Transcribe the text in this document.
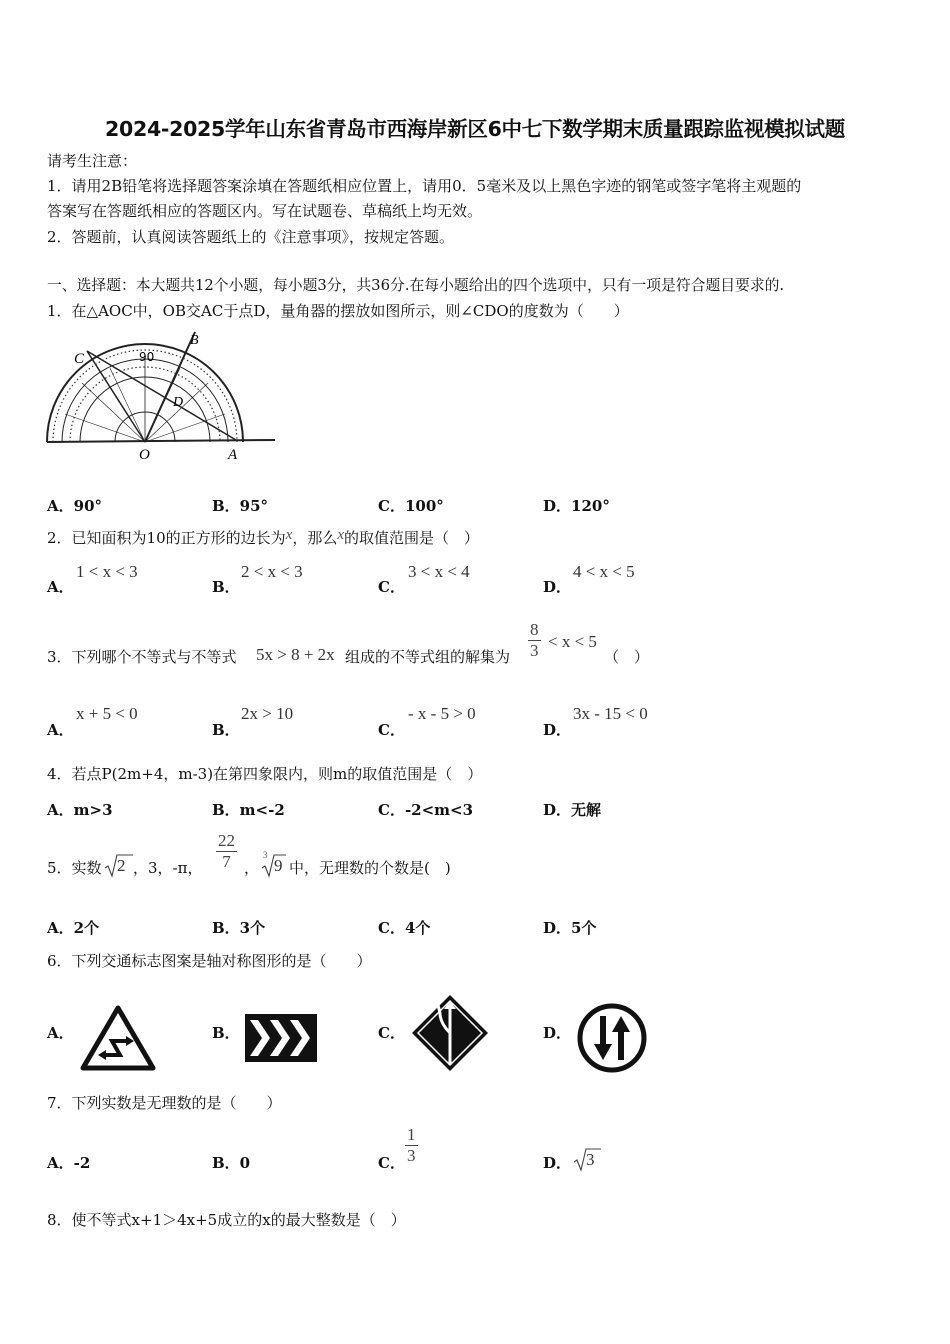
2024-2025学年山东省青岛市西海岸新区6中七下数学期末质量跟踪监视模拟试题
请考生注意：
1．请用2B铅笔将选择题答案涂填在答题纸相应位置上，请用0．5毫米及以上黑色字迹的钢笔或签字笔将主观题的
答案写在答题纸相应的答题区内。写在试题卷、草稿纸上均无效。
2．答题前，认真阅读答题纸上的《注意事项》，按规定答题。
一、选择题：本大题共12个小题，每小题3分，共36分.在每小题给出的四个选项中，只有一项是符合题目要求的.
1．在△AOC中，OB交AC于点D，量角器的摆放如图所示，则∠CDO的度数为（　　）
C
B
D
O	A
90
A．90°	B．95°	C．100°	D．120°
2．已知面积为10的正方形的边长为x，那么x的取值范围是（　）
A．
1 < x < 3
B．
2 < x < 3
C．
3 < x < 4
D．
4 < x < 5
3．下列哪个不等式与不等式 5x > 8 + 2x 组成的不等式组的解集为 $\frac{8}{3} < x < 5$
（　）
A．
x + 5 < 0
B．
2x > 10
C．
- x - 5 > 0
D．
3x - 15 < 0
4．若点P(2m+4，m-3)在第四象限内，则m的取值范围是（　）
A．m>3	B．m<-2	C．-2<m<3	D．无解
5．实数 2 ，3，-π， $\frac{22}{7}$ ，
3
9 中，无理数的个数是(　)
A．2个	B．3个	C．4个	D．5个
6．下列交通标志图案是轴对称图形的是（　　）
A．	B．	C．	D．
7．下列实数是无理数的是（　　）
A．-2	B．0	C． $\frac{1}{3}$	D． 3
8．使不等式x+1＞4x+5成立的x的最大整数是（　）
